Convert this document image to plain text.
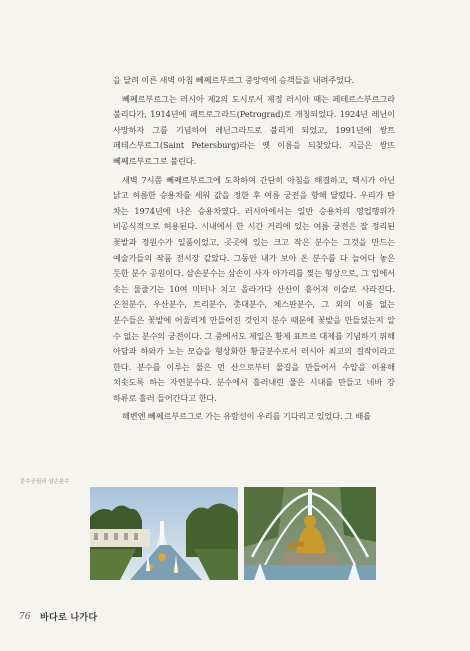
을 달려 이른 새벽 아침 뻬쩨르부르그 중앙역에 승객들을 내려주었다.

뻬쩨르부르그는 러시아 제2의 도시로서 제정 러시아 때는 페테르스부르그라 불리다가, 1914년에 페트로그라드(Petrograd)로 개칭되었다. 1924년 레닌이 사망하자 그를 기념하여 레닌그라드로 불리게 되었고, 1991년에 쌍트 페테스부르그(Saint Petersburg)라는 옛 이름을 되찾았다. 지금은 쌍뜨 뻬쩨르부르그로 불린다.

새벽 7시쯤 뻬쩨르부르그에 도착하여 간단히 아침을 해결하고, 택시가 아닌 낡고 허름한 승용차를 세워 값을 정한 후 여름 궁전을 향해 달렸다. 우리가 탄 차는 1974년에 나온 승용차였다. 러시아에서는 일반 승용차의 영업행위가 비공식적으로 허용된다. 시내에서 한 시간 거리에 있는 여름 궁전은 잘 정리된 꽃밭과 정원수가 일품이었고, 곳곳에 있는 크고 작은 분수는 그것을 만드는 예술가들의 작품 전시장 같았다. 그동안 내가 보아 온 분수를 다 늘어다 놓은 듯한 분수 공원이다. 삼손분수는 삼손이 사자 아가리를 찢는 형상으로, 그 입에서 솟는 물줄기는 10여 미터나 치고 올라가다 산산이 흩어져 이슬로 사라진다. 온천분수, 우산분수, 트리분수, 촛대분수, 체스판분수, 그 외의 이름 없는 분수들은 꽃밭에 어울리게 만들어진 것인지 분수 때문에 꽃밭을 만들었는지 알 수 없는 분수의 궁전이다. 그 중에서도 제일은 황제 표트르 대제를 기념하기 위해 아담과 하와가 노는 모습을 형상화한 황금분수로서 러시아 최고의 걸작이라고 한다. 분수를 이루는 물은 먼 산으로부터 물길을 만들어서 수압을 이용해 치솟도록 하는 자연분수다. 분수에서 흘러내린 물은 시내를 만들고 네바 강 하류로 흘러 들어간다고 한다.

해변엔 뻬쩨르부르그로 가는 유람선이 우리를 기다리고 있었다. 그 배를

분수공원과 삼손분수
76 바다로 나가다
